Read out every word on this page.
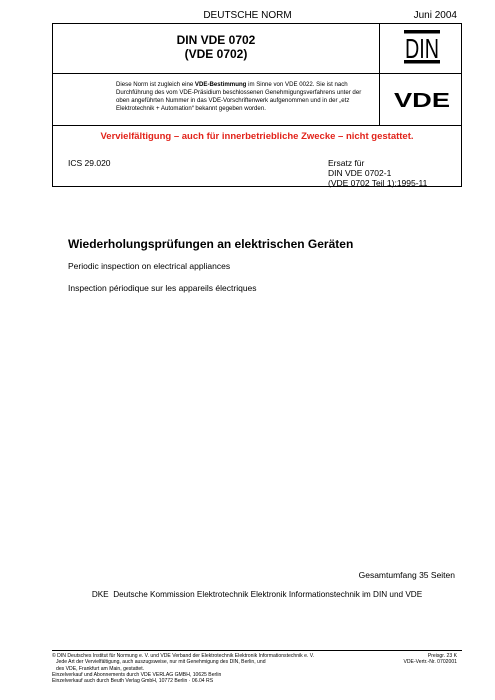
DEUTSCHE NORM	Juni 2004
DIN VDE 0702
(VDE 0702)	DIN
Diese Norm ist zugleich eine VDE-Bestimmung im Sinne von VDE 0022. Sie ist nach Durchführung des vom VDE-Präsidium beschlossenen Genehmigungsverfahrens unter der oben angeführten Nummer in das VDE-Vorschriftenwerk aufgenommen und in der „etz Elektrotechnik + Automation“ bekannt gegeben worden.	VDE
Vervielfältigung – auch für innerbetriebliche Zwecke – nicht gestattet.
ICS 29.020	Ersatz für
DIN VDE 0702-1
(VDE 0702 Teil 1):1995-11
Wiederholungsprüfungen an elektrischen Geräten
Periodic inspection on electrical appliances
Inspection périodique sur les appareils électriques
Gesamtumfang 35 Seiten
DKE  Deutsche Kommission Elektrotechnik Elektronik Informationstechnik im DIN und VDE
© DIN Deutsches Institut für Normung e. V. und VDE Verband der Elektrotechnik Elektronik Informationstechnik e. V.
Jede Art der Vervielfältigung, auch auszugsweise, nur mit Genehmigung des DIN, Berlin, und
des VDE, Frankfurt am Main, gestattet.
Einzelverkauf und Abonnements durch VDE VERLAG GMBH, 10625 Berlin
Einzelverkauf auch durch Beuth Verlag GmbH, 10772 Berlin · 06.04 RS
Preisgr. 23 K
VDE-Vertr.-Nr. 0702001
